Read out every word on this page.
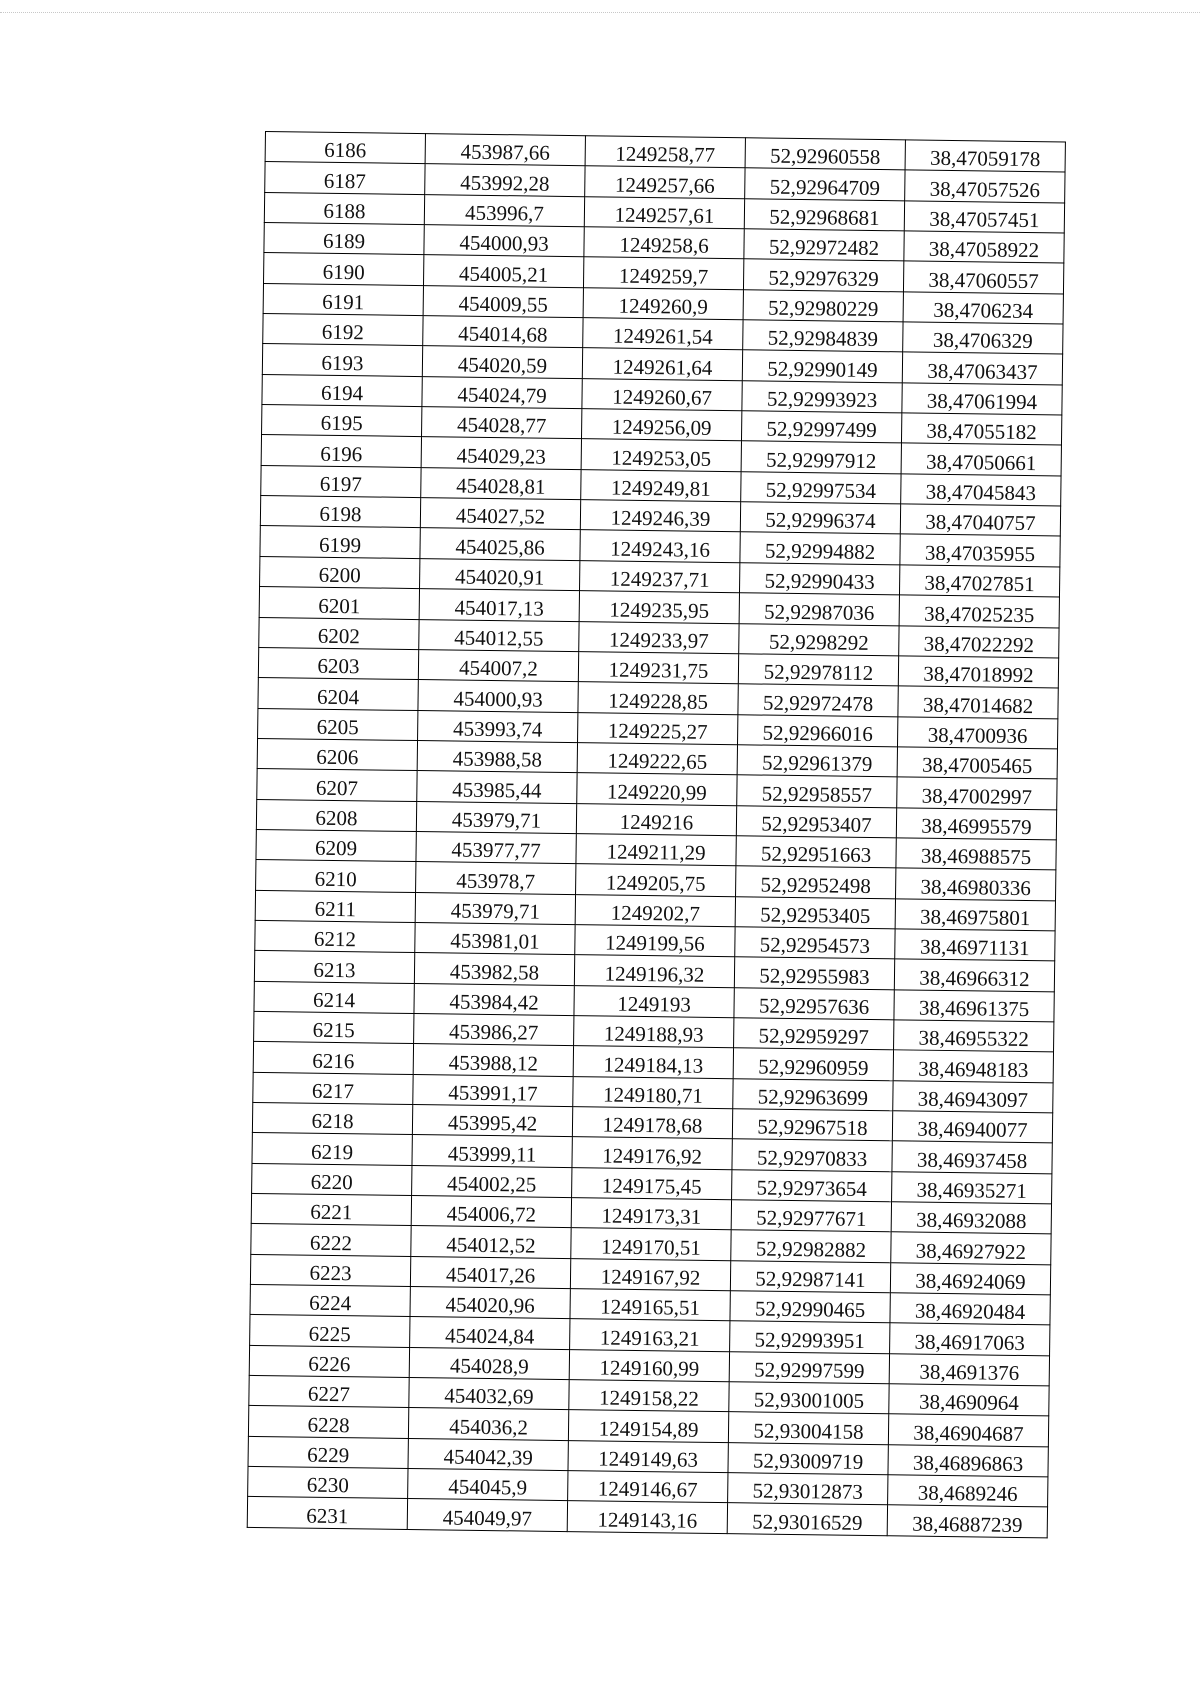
6186	453987,66	1249258,77	52,92960558	38,47059178
6187	453992,28	1249257,66	52,92964709	38,47057526
6188	453996,7	1249257,61	52,92968681	38,47057451
6189	454000,93	1249258,6	52,92972482	38,47058922
6190	454005,21	1249259,7	52,92976329	38,47060557
6191	454009,55	1249260,9	52,92980229	38,4706234
6192	454014,68	1249261,54	52,92984839	38,4706329
6193	454020,59	1249261,64	52,92990149	38,47063437
6194	454024,79	1249260,67	52,92993923	38,47061994
6195	454028,77	1249256,09	52,92997499	38,47055182
6196	454029,23	1249253,05	52,92997912	38,47050661
6197	454028,81	1249249,81	52,92997534	38,47045843
6198	454027,52	1249246,39	52,92996374	38,47040757
6199	454025,86	1249243,16	52,92994882	38,47035955
6200	454020,91	1249237,71	52,92990433	38,47027851
6201	454017,13	1249235,95	52,92987036	38,47025235
6202	454012,55	1249233,97	52,9298292	38,47022292
6203	454007,2	1249231,75	52,92978112	38,47018992
6204	454000,93	1249228,85	52,92972478	38,47014682
6205	453993,74	1249225,27	52,92966016	38,4700936
6206	453988,58	1249222,65	52,92961379	38,47005465
6207	453985,44	1249220,99	52,92958557	38,47002997
6208	453979,71	1249216	52,92953407	38,46995579
6209	453977,77	1249211,29	52,92951663	38,46988575
6210	453978,7	1249205,75	52,92952498	38,46980336
6211	453979,71	1249202,7	52,92953405	38,46975801
6212	453981,01	1249199,56	52,92954573	38,46971131
6213	453982,58	1249196,32	52,92955983	38,46966312
6214	453984,42	1249193	52,92957636	38,46961375
6215	453986,27	1249188,93	52,92959297	38,46955322
6216	453988,12	1249184,13	52,92960959	38,46948183
6217	453991,17	1249180,71	52,92963699	38,46943097
6218	453995,42	1249178,68	52,92967518	38,46940077
6219	453999,11	1249176,92	52,92970833	38,46937458
6220	454002,25	1249175,45	52,92973654	38,46935271
6221	454006,72	1249173,31	52,92977671	38,46932088
6222	454012,52	1249170,51	52,92982882	38,46927922
6223	454017,26	1249167,92	52,92987141	38,46924069
6224	454020,96	1249165,51	52,92990465	38,46920484
6225	454024,84	1249163,21	52,92993951	38,46917063
6226	454028,9	1249160,99	52,92997599	38,4691376
6227	454032,69	1249158,22	52,93001005	38,4690964
6228	454036,2	1249154,89	52,93004158	38,46904687
6229	454042,39	1249149,63	52,93009719	38,46896863
6230	454045,9	1249146,67	52,93012873	38,4689246
6231	454049,97	1249143,16	52,93016529	38,46887239
